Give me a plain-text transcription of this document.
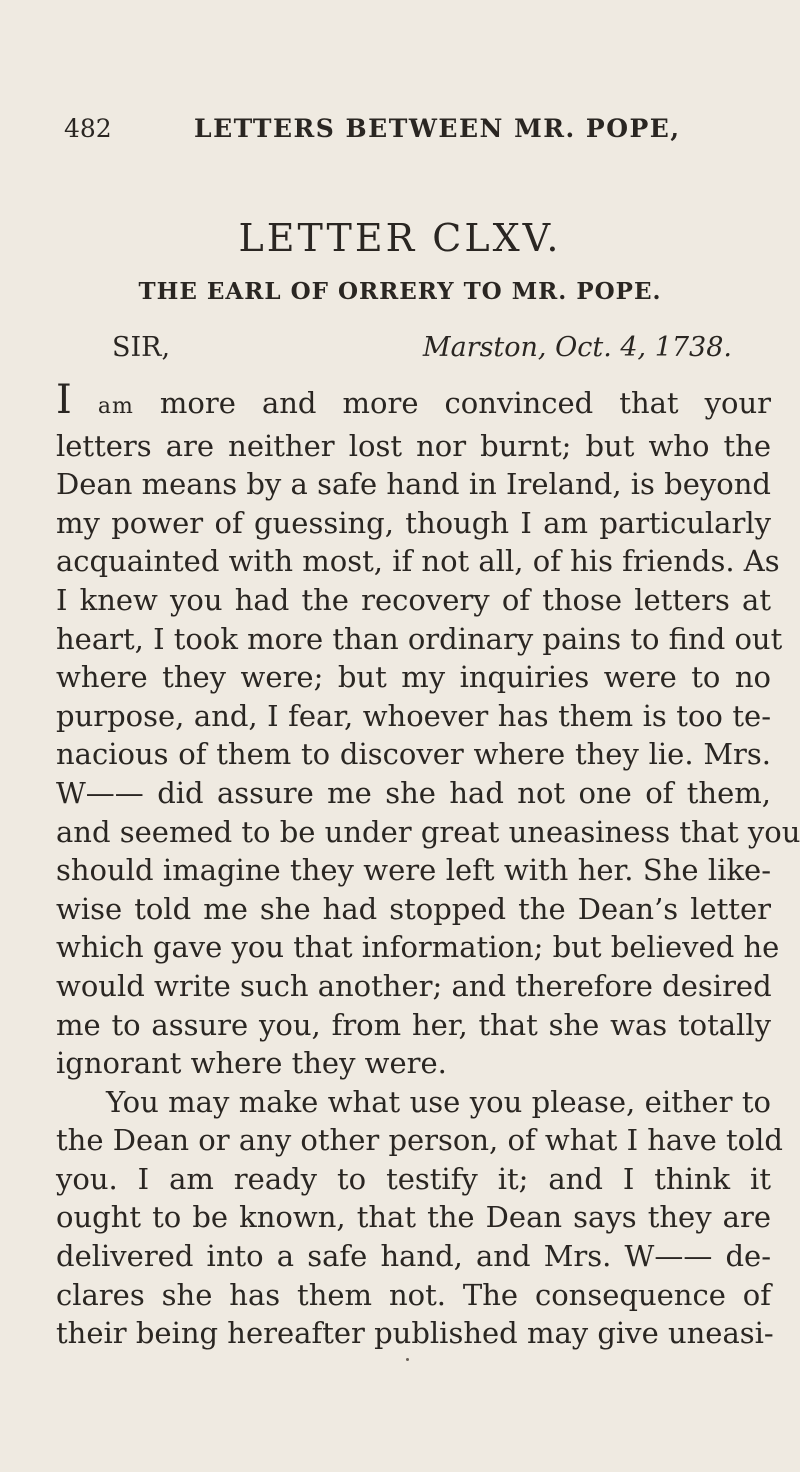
482	LETTERS BETWEEN MR. POPE,
LETTER CLXV.
THE EARL OF ORRERY TO MR. POPE.
SIR,	Marston, Oct. 4, 1738.
I am more and more convinced that your
letters are neither lost nor burnt; but who the
Dean means by a safe hand in Ireland, is beyond
my power of guessing, though I am particularly
acquainted with most, if not all, of his friends. As
I knew you had the recovery of those letters at
heart, I took more than ordinary pains to find out
where they were; but my inquiries were to no
purpose, and, I fear, whoever has them is too te-
nacious of them to discover where they lie. Mrs.
W—— did assure me she had not one of them,
and seemed to be under great uneasiness that you
should imagine they were left with her. She like-
wise told me she had stopped the Dean’s letter
which gave you that information; but believed he
would write such another; and therefore desired
me to assure you, from her, that she was totally
ignorant where they were.
You may make what use you please, either to
the Dean or any other person, of what I have told
you. I am ready to testify it; and I think it
ought to be known, that the Dean says they are
delivered into a safe hand, and Mrs. W—— de-
clares she has them not. The consequence of
their being hereafter published may give uneasi-
